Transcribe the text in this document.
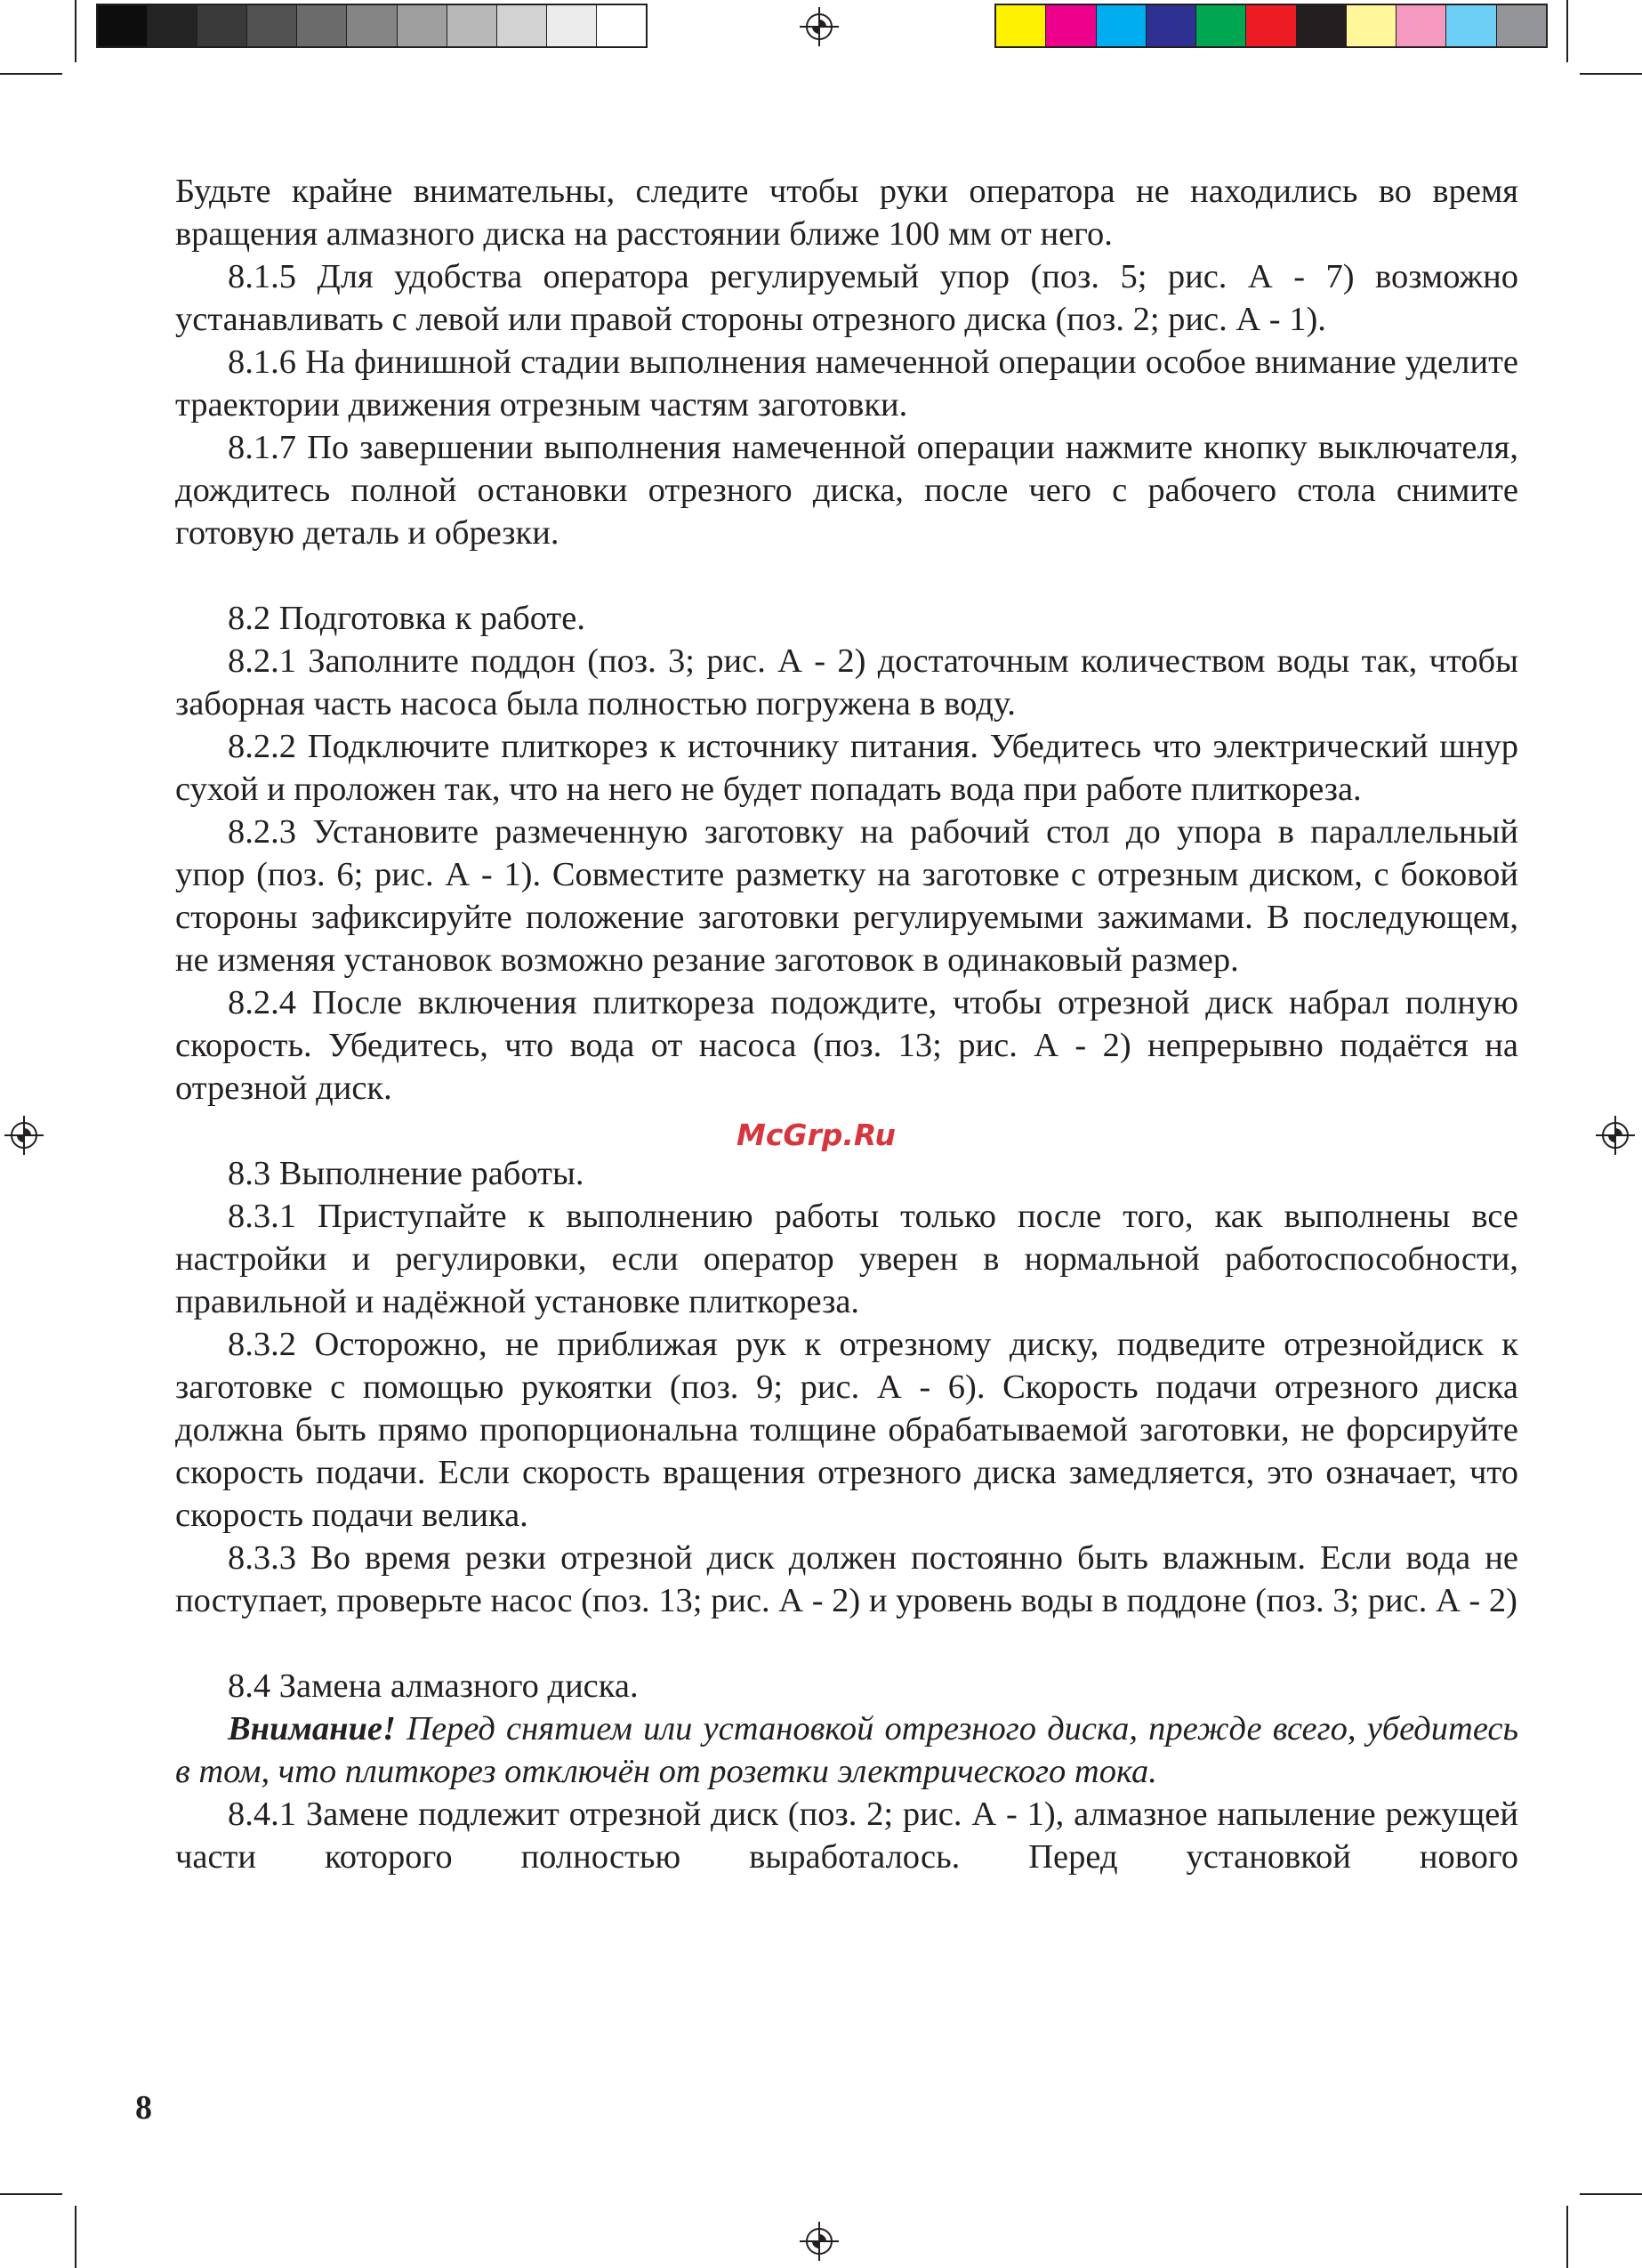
Будьте крайне внимательны, следите чтобы руки оператора не находились во время вращения алмазного диска на расстоянии ближе 100 мм от него.

8.1.5 Для удобства оператора регулируемый упор (поз. 5; рис. А - 7) возможно устанавливать с левой или правой стороны отрезного диска (поз. 2; рис. А - 1).

8.1.6 На финишной стадии выполнения намеченной операции особое внимание уделите траектории движения отрезным частям заготовки.

8.1.7 По завершении выполнения намеченной операции нажмите кнопку выключателя, дождитесь полной остановки отрезного диска, после чего с рабочего стола снимите готовую деталь и обрезки.

8.2 Подготовка к работе.

8.2.1 Заполните поддон (поз. 3; рис. А - 2) достаточным количеством воды так, чтобы заборная часть насоса была полностью погружена в воду.

8.2.2 Подключите плиткорез к источнику питания. Убедитесь что электрический шнур сухой и проложен так, что на него не будет попадать вода при работе плиткореза.

8.2.3 Установите размеченную заготовку на рабочий стол до упора в параллельный упор (поз. 6; рис. А - 1). Совместите разметку на заготовке с отрезным диском, с боковой стороны зафиксируйте положение заготовки регулируемыми зажимами. В последующем, не изменяя установок возможно резание заготовок в одинаковый размер.

8.2.4 После включения плиткореза подождите, чтобы отрезной диск набрал полную скорость. Убедитесь, что вода от насоса (поз. 13; рис. А - 2) непрерывно подаётся на отрезной диск.

8.3 Выполнение работы.

8.3.1 Приступайте к выполнению работы только после того, как выполнены все настройки и регулировки, если оператор уверен в нормальной работоспособности, правильной и надёжной установке плиткореза.

8.3.2 Осторожно, не приближая рук к отрезному диску, подведите отрезнойдиск к заготовке с помощью рукоятки (поз. 9; рис. А - 6). Скорость подачи отрезного диска должна быть прямо пропорциональна толщине обрабатываемой заготовки, не форсируйте скорость подачи. Если скорость вращения отрезного диска замедляется, это означает, что скорость подачи велика.

8.3.3 Во время резки отрезной диск должен постоянно быть влажным. Если вода не поступает, проверьте насос (поз. 13; рис. А - 2) и уровень воды в поддоне (поз. 3; рис. А - 2)

8.4 Замена алмазного диска.

Внимание! Перед снятием или установкой отрезного диска, прежде всего, убедитесь в том, что плиткорез отключён от розетки электрического тока.

8.4.1 Замене подлежит отрезной диск (поз. 2; рис. А - 1), алмазное напыление режущей части которого полностью выработалось. Перед установкой нового

McGrp.Ru
8
